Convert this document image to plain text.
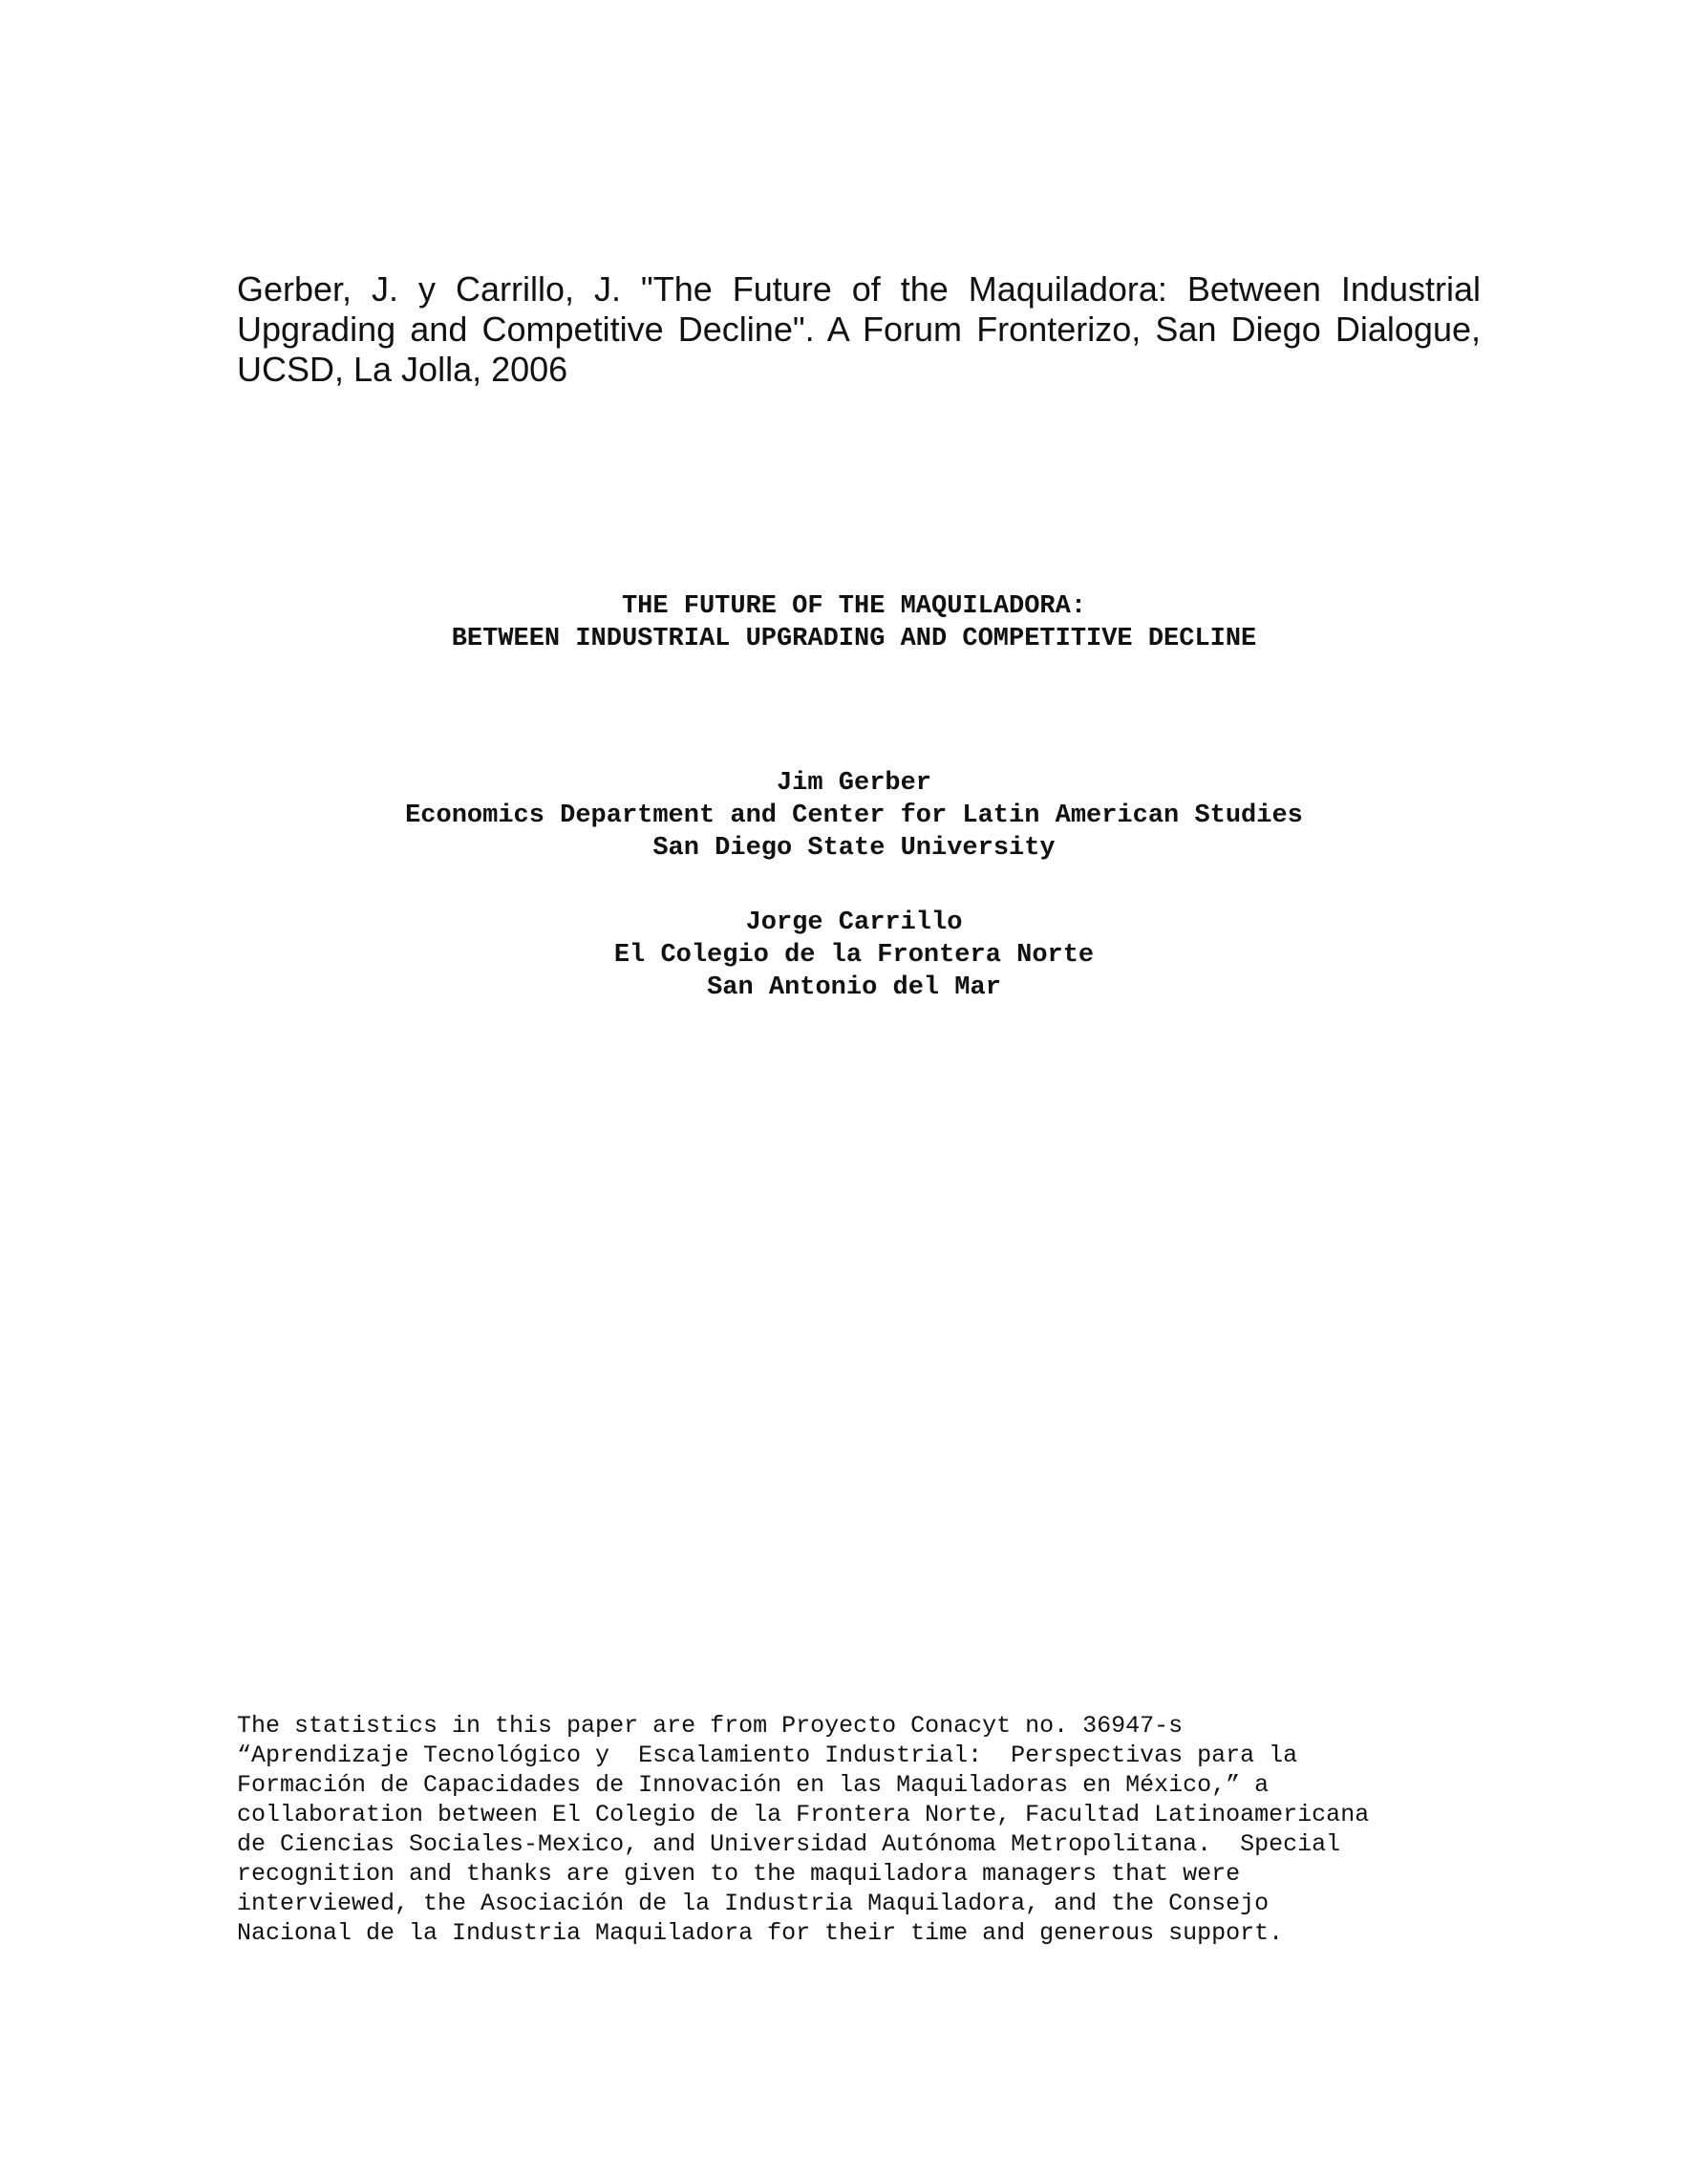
Gerber, J. y Carrillo, J. "The Future of the Maquiladora: Between Industrial
Upgrading and Competitive Decline". A Forum Fronterizo, San Diego Dialogue,
UCSD, La Jolla, 2006
THE FUTURE OF THE MAQUILADORA:
BETWEEN INDUSTRIAL UPGRADING AND COMPETITIVE DECLINE
Jim Gerber
Economics Department and Center for Latin American Studies
San Diego State University
Jorge Carrillo
El Colegio de la Frontera Norte
San Antonio del Mar
The statistics in this paper are from Proyecto Conacyt no. 36947-s
“Aprendizaje Tecnológico y  Escalamiento Industrial:  Perspectivas para la
Formación de Capacidades de Innovación en las Maquiladoras en México,” a
collaboration between El Colegio de la Frontera Norte, Facultad Latinoamericana
de Ciencias Sociales-Mexico, and Universidad Autónoma Metropolitana.  Special
recognition and thanks are given to the maquiladora managers that were
interviewed, the Asociación de la Industria Maquiladora, and the Consejo
Nacional de la Industria Maquiladora for their time and generous support.
